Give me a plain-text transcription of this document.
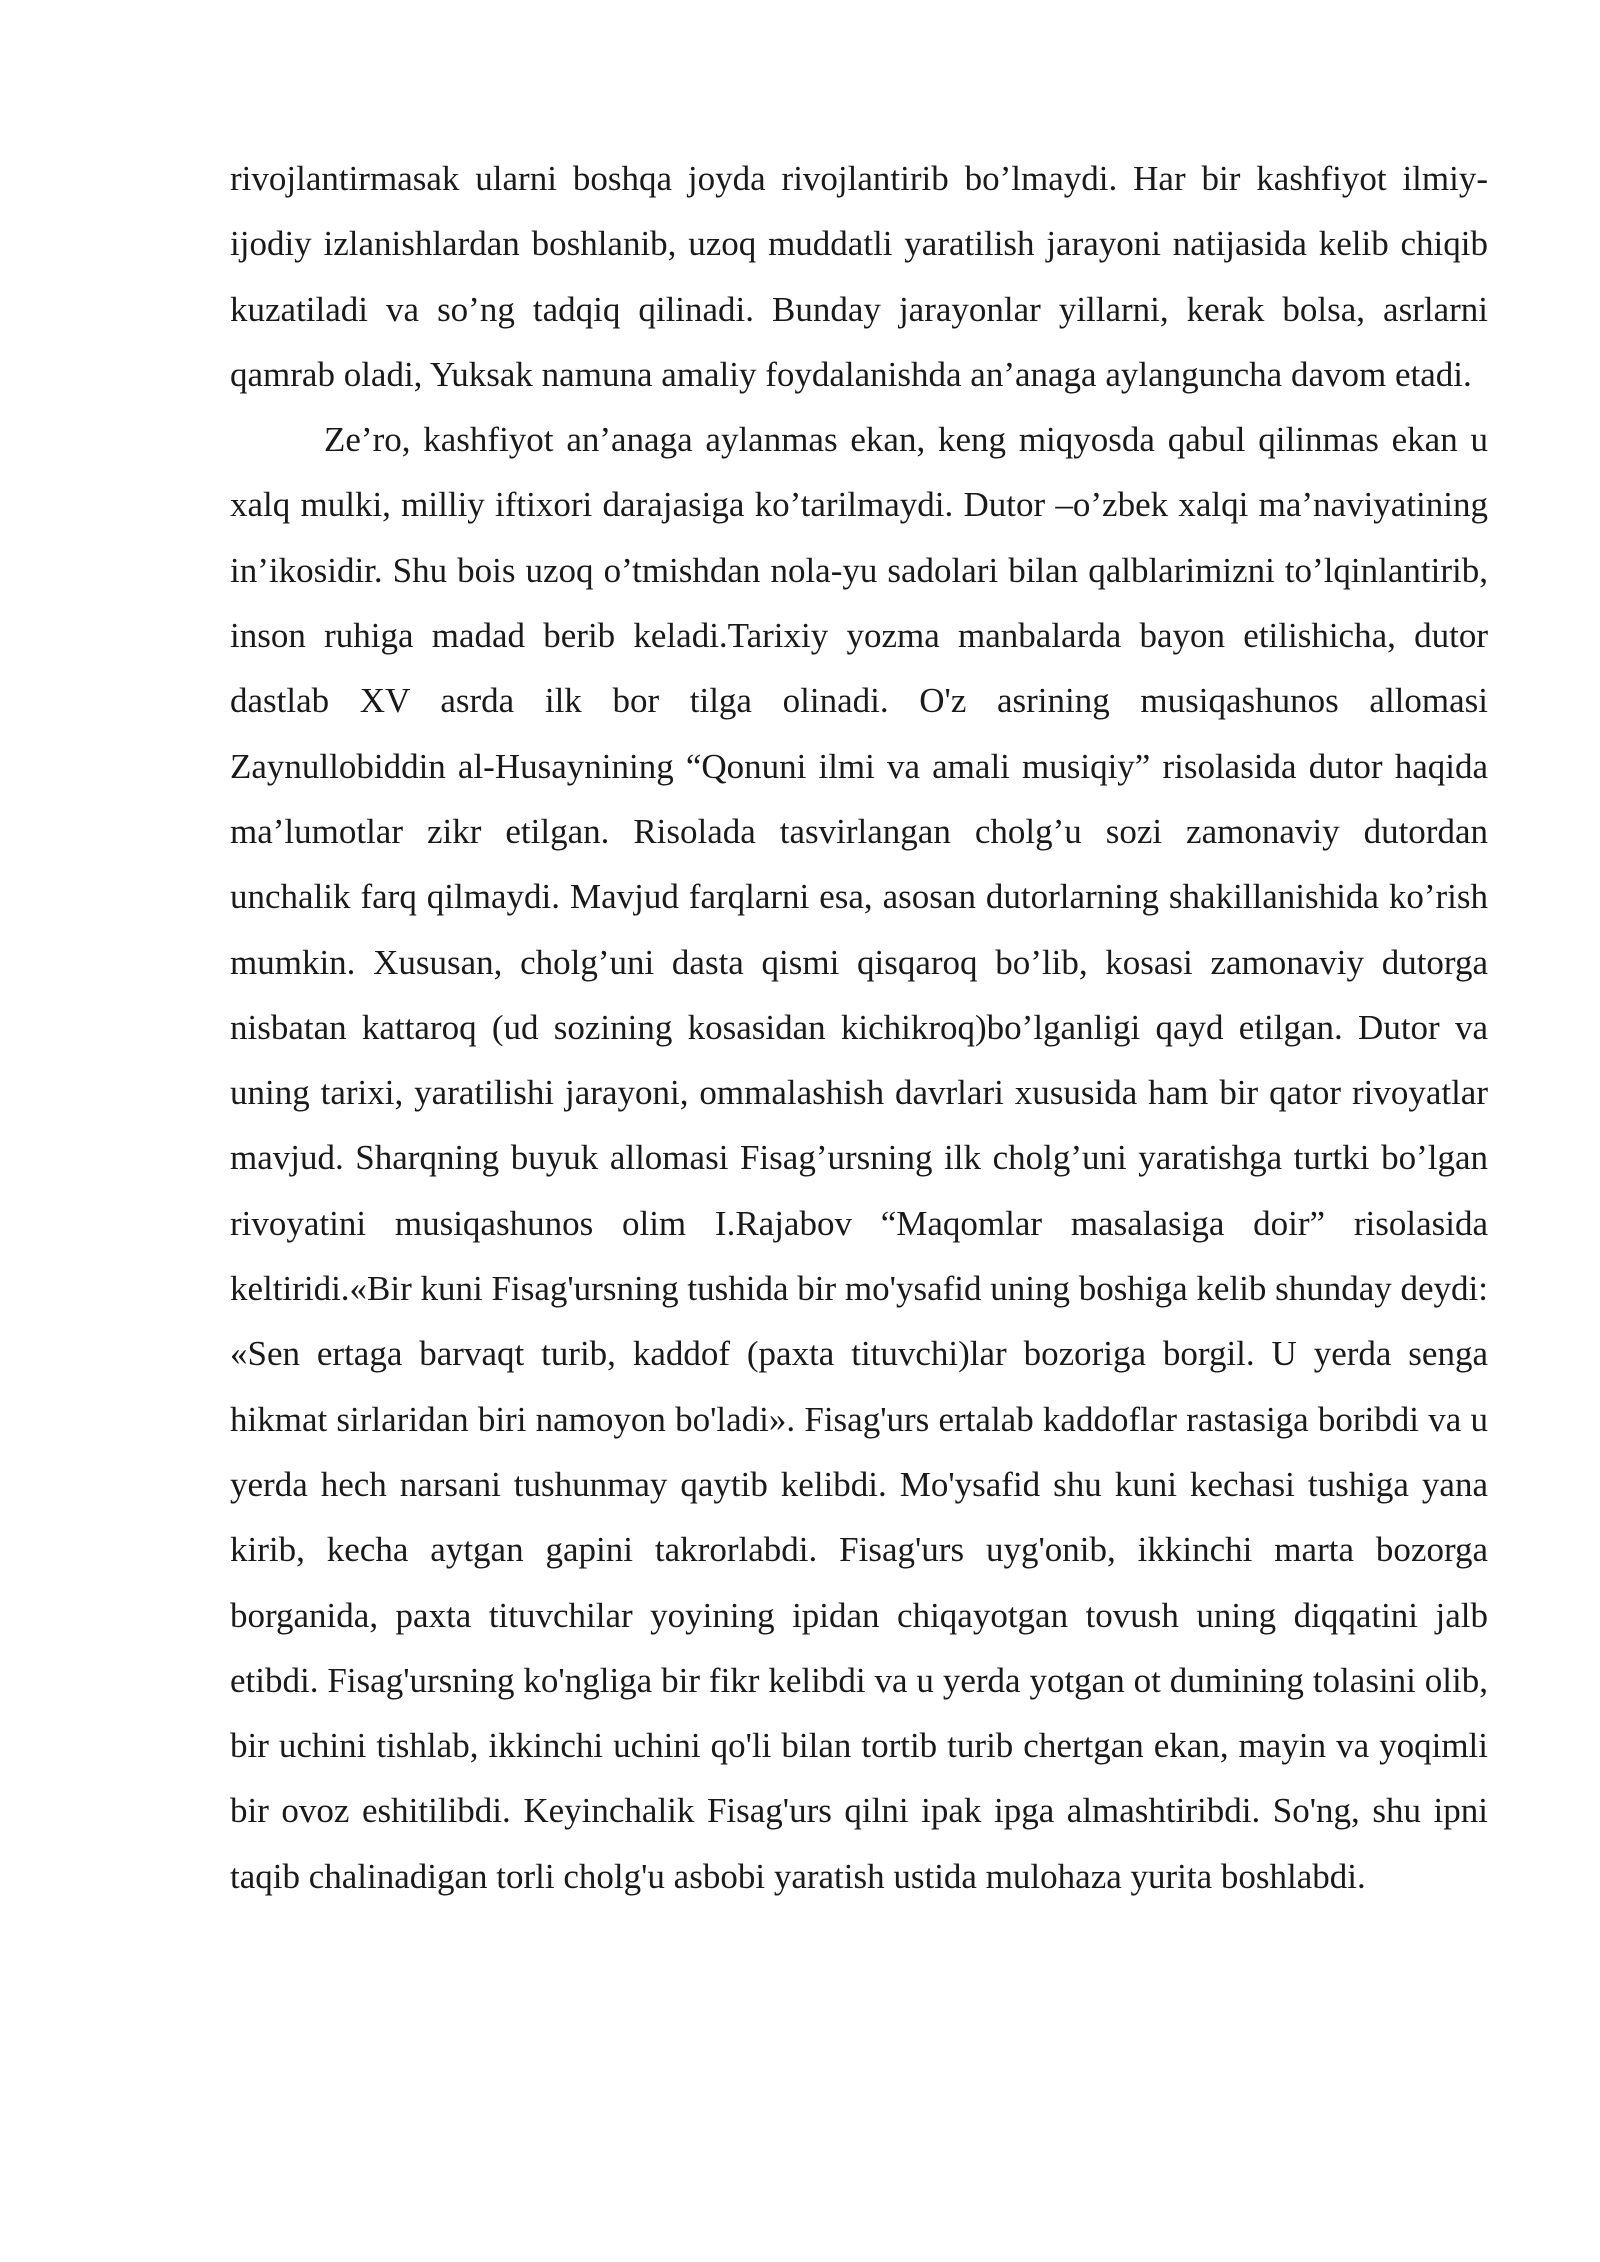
rivojlantirmasak ularni boshqa joyda rivojlantirib bo’lmaydi. Har bir kashfiyot ilmiy-ijodiy izlanishlardan boshlanib, uzoq muddatli yaratilish jarayoni natijasida kelib chiqib kuzatiladi va so’ng tadqiq qilinadi. Bunday jarayonlar yillarni, kerak bolsa, asrlarni qamrab oladi, Yuksak namuna amaliy foydalanishda an’anaga aylanguncha davom etadi.

Ze’ro, kashfiyot an’anaga aylanmas ekan, keng miqyosda qabul qilinmas ekan u xalq mulki, milliy iftixori darajasiga ko’tarilmaydi. Dutor –o’zbek xalqi ma’naviyatining in’ikosidir. Shu bois uzoq o’tmishdan nola-yu sadolari bilan qalblarimizni to’lqinlantirib, inson ruhiga madad berib keladi.Tarixiy yozma manbalarda bayon etilishicha, dutor dastlab XV asrda ilk bor tilga olinadi. O'z asrining musiqashunos allomasi Zaynullobiddin al-Husaynining “Qonuni ilmi va amali musiqiy” risolasida dutor haqida ma’lumotlar zikr etilgan. Risolada tasvirlangan cholg’u sozi zamonaviy dutordan unchalik farq qilmaydi. Mavjud farqlarni esa, asosan dutorlarning shakillanishida ko’rish mumkin. Xususan, cholg’uni dasta qismi qisqaroq bo’lib, kosasi zamonaviy dutorga nisbatan kattaroq (ud sozining kosasidan kichikroq)bo’lganligi qayd etilgan. Dutor va uning tarixi, yaratilishi jarayoni, ommalashish davrlari xususida ham bir qator rivoyatlar mavjud. Sharqning buyuk allomasi Fisag’ursning ilk cholg’uni yaratishga turtki bo’lgan rivoyatini musiqashunos olim I.Rajabov “Maqomlar masalasiga doir” risolasida keltiridi.«Bir kuni Fisag'ursning tushida bir mo'ysafid uning boshiga kelib shunday deydi: «Sen ertaga barvaqt turib, kaddof (paxta tituvchi)lar bozoriga borgil. U yerda senga hikmat sirlaridan biri namoyon bo'ladi». Fisag'urs ertalab kaddoflar rastasiga boribdi va u yerda hech narsani tushunmay qaytib kelibdi. Mo'ysafid shu kuni kechasi tushiga yana kirib, kecha aytgan gapini takrorlabdi. Fisag'urs uyg'onib, ikkinchi marta bozorga borganida, paxta tituvchilar yoyining ipidan chiqayotgan tovush uning diqqatini jalb etibdi. Fisag'ursning ko'ngliga bir fikr kelibdi va u yerda yotgan ot dumining tolasini olib, bir uchini tishlab, ikkinchi uchini qo'li bilan tortib turib chertgan ekan, mayin va yoqimli bir ovoz eshitilibdi. Keyinchalik Fisag'urs qilni ipak ipga almashtiribdi. So'ng, shu ipni taqib chalinadigan torli cholg'u asbobi yaratish ustida mulohaza yurita boshlabdi.
